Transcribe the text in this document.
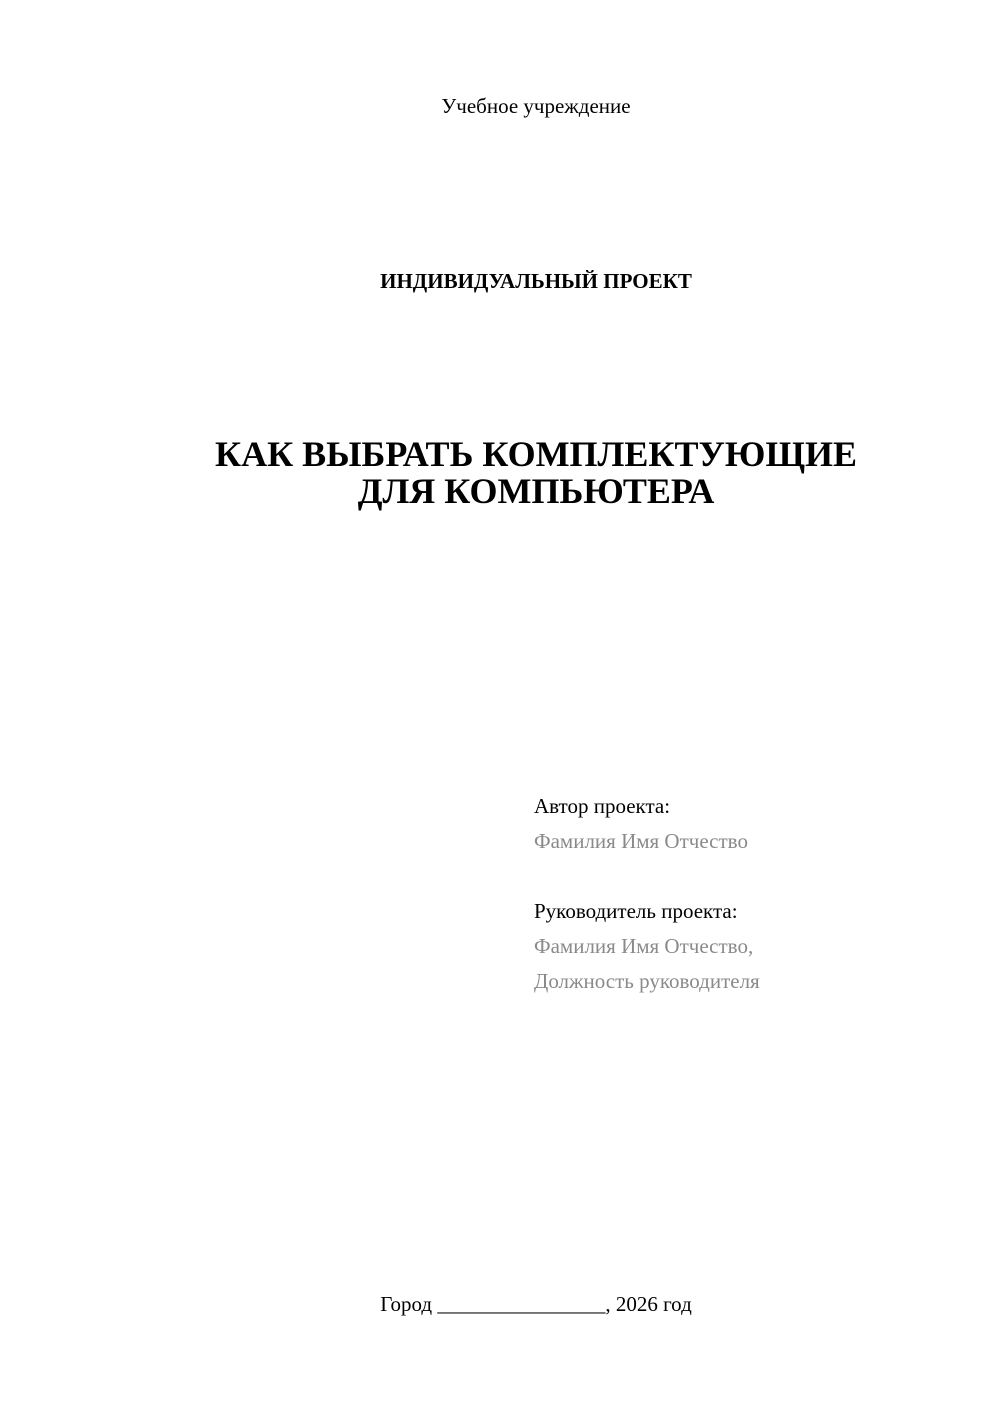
Учебное учреждение
ИНДИВИДУАЛЬНЫЙ ПРОЕКТ
КАК ВЫБРАТЬ КОМПЛЕКТУЮЩИЕ
ДЛЯ КОМПЬЮТЕРА
Автор проекта:
Фамилия Имя Отчество
Руководитель проекта:
Фамилия Имя Отчество,
Должность руководителя
Город ________________, 2026 год
